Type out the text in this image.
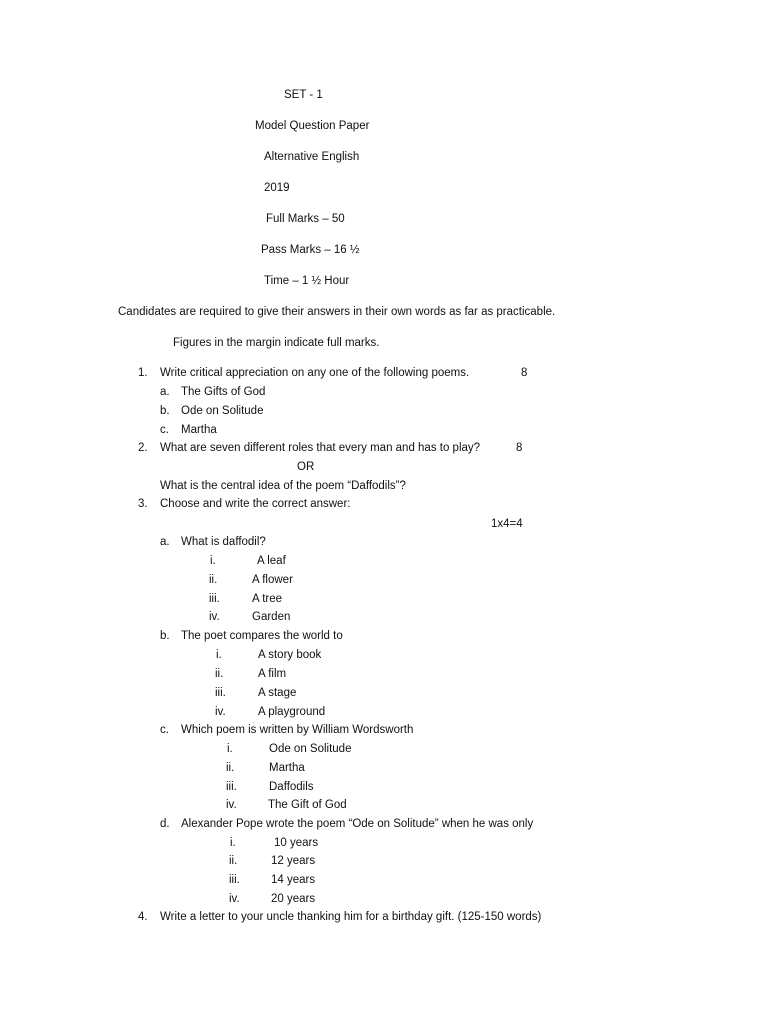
SET - 1
Model Question Paper
Alternative English
2019
Full Marks – 50
Pass Marks – 16 ½
Time – 1 ½ Hour
Candidates are required to give their answers in their own words as far as practicable.
Figures in the margin indicate full marks.
1. Write critical appreciation on any one of the following poems.	8
a. The Gifts of God
b. Ode on Solitude
c. Martha
2. What are seven different roles that every man and has to play?	8
OR
What is the central idea of the poem “Daffodils”?
3. Choose and write the correct answer:
1x4=4
a. What is daffodil?
i.	A leaf
ii.	A flower
iii.	A tree
iv.	Garden
b. The poet compares the world to
i.	A story book
ii.	A film
iii.	A stage
iv.	A playground
c. Which poem is written by William Wordsworth
i.	Ode on Solitude
ii.	Martha
iii.	Daffodils
iv.	The Gift of God
d. Alexander Pope wrote the poem “Ode on Solitude” when he was only
i.	10 years
ii.	12 years
iii.	14 years
iv.	20 years
4. Write a letter to your uncle thanking him for a birthday gift. (125-150 words)
